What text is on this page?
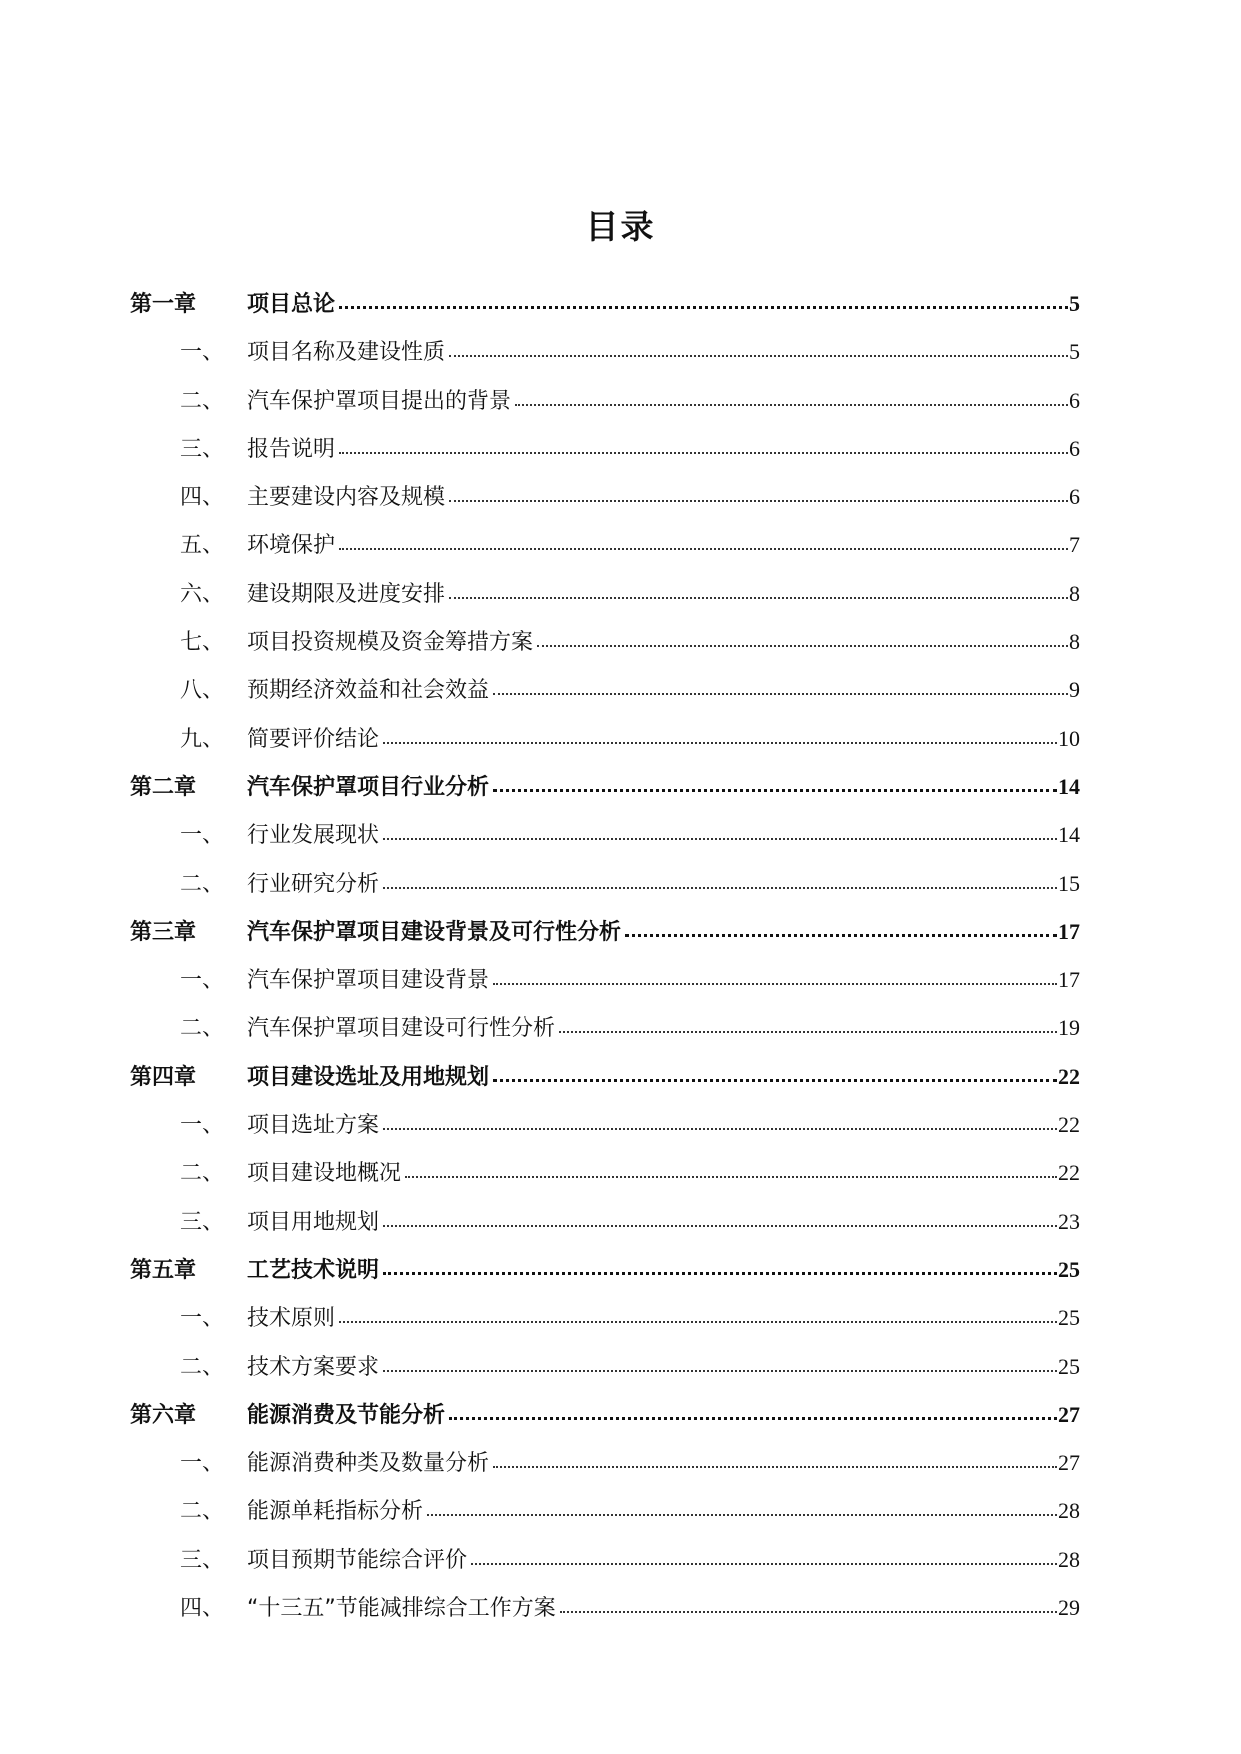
目录
第一章	项目总论	5
一、	项目名称及建设性质	5
二、	汽车保护罩项目提出的背景	6
三、	报告说明	6
四、	主要建设内容及规模	6
五、	环境保护	7
六、	建设期限及进度安排	8
七、	项目投资规模及资金筹措方案	8
八、	预期经济效益和社会效益	9
九、	简要评价结论	10
第二章	汽车保护罩项目行业分析	14
一、	行业发展现状	14
二、	行业研究分析	15
第三章	汽车保护罩项目建设背景及可行性分析	17
一、	汽车保护罩项目建设背景	17
二、	汽车保护罩项目建设可行性分析	19
第四章	项目建设选址及用地规划	22
一、	项目选址方案	22
二、	项目建设地概况	22
三、	项目用地规划	23
第五章	工艺技术说明	25
一、	技术原则	25
二、	技术方案要求	25
第六章	能源消费及节能分析	27
一、	能源消费种类及数量分析	27
二、	能源单耗指标分析	28
三、	项目预期节能综合评价	28
四、	“十三五”节能减排综合工作方案	29
